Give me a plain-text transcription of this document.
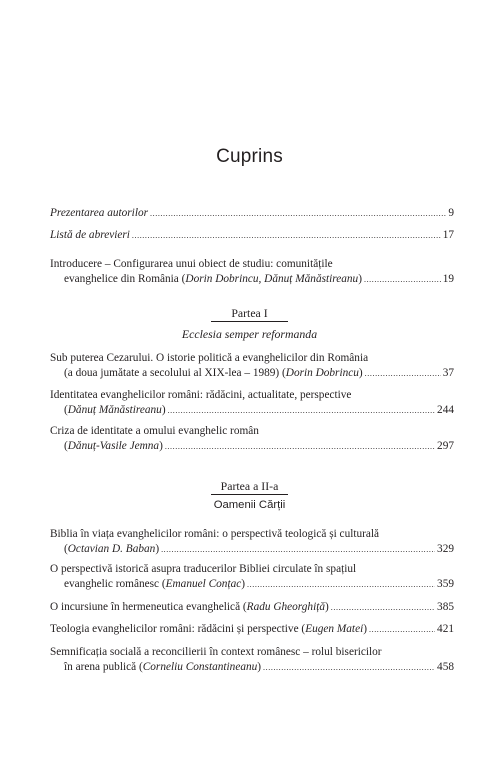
Cuprins
Prezentarea autorilor .....	9
Listă de abrevieri .....	17
Introducere – Configurarea unui obiect de studiu: comunitățile
evanghelice din România (Dorin Dobrincu, Dănuț Mănăstireanu) .....	19
Partea I
Ecclesia semper reformanda
Sub puterea Cezarului. O istorie politică a evanghelicilor din România
(a doua jumătate a secolului al XIX-lea – 1989) (Dorin Dobrincu) .....	37
Identitatea evanghelicilor români: rădăcini, actualitate, perspective
(Dănuț Mănăstireanu) .....	244
Criza de identitate a omului evanghelic român
(Dănuț-Vasile Jemna) .....	297
Partea a II-a
Oamenii Cărții
Biblia în viața evanghelicilor români: o perspectivă teologică și culturală
(Octavian D. Baban) .....	329
O perspectivă istorică asupra traducerilor Bibliei circulate în spațiul
evanghelic românesc (Emanuel Conțac) .....	359
O incursiune în hermeneutica evanghelică (Radu Gheorghiță) .....	385
Teologia evanghelicilor români: rădăcini și perspective (Eugen Matei) .....	421
Semnificația socială a reconcilierii în context românesc – rolul bisericilor
în arena publică (Corneliu Constantineanu) .....	458
